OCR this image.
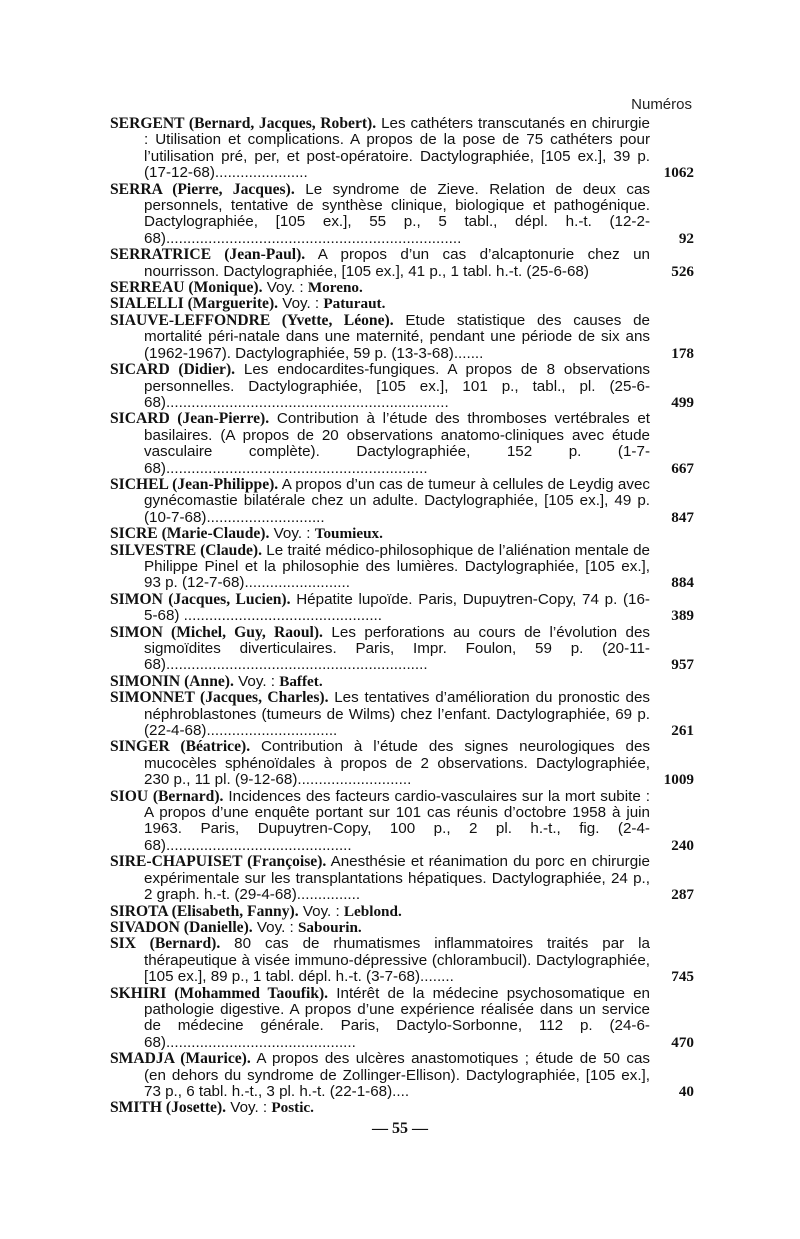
Numéros
SERGENT (Bernard, Jacques, Robert). Les cathéters transcutanés en chirurgie : Utilisation et complications. A propos de la pose de 75 cathéters pour l’utilisation pré, per, et post-opératoire. Dactylographiée, [105 ex.], 39 p. (17-12-68)......................	1062
SERRA (Pierre, Jacques). Le syndrome de Zieve. Relation de deux cas personnels, tentative de synthèse clinique, biologique et pathogénique. Dactylographiée, [105 ex.], 55 p., 5 tabl., dépl. h.-t. (12-2-68)......................................................................	92
SERRATRICE (Jean-Paul). A propos d’un cas d’alcaptonurie chez un nourrisson. Dactylographiée, [105 ex.], 41 p., 1 tabl. h.-t. (25-6-68)	526
SERREAU (Monique). Voy. : Moreno.
SIALELLI (Marguerite). Voy. : Paturaut.
SIAUVE-LEFFONDRE (Yvette, Léone). Etude statistique des causes de mortalité péri-natale dans une maternité, pendant une période de six ans (1962-1967). Dactylographiée, 59 p. (13-3-68).......	178
SICARD (Didier). Les endocardites-fungiques. A propos de 8 observations personnelles. Dactylographiée, [105 ex.], 101 p., tabl., pl. (25-6-68)...................................................................	499
SICARD (Jean-Pierre). Contribution à l’étude des thromboses vertébrales et basilaires. (A propos de 20 observations anatomo-cliniques avec étude vasculaire complète). Dactylographiée, 152 p. (1-7-68)..............................................................	667
SICHEL (Jean-Philippe). A propos d’un cas de tumeur à cellules de Leydig avec gynécomastie bilatérale chez un adulte. Dactylographiée, [105 ex.], 49 p. (10-7-68)............................	847
SICRE (Marie-Claude). Voy. : Toumieux.
SILVESTRE (Claude). Le traité médico-philosophique de l’aliénation mentale de Philippe Pinel et la philosophie des lumières. Dactylographiée, [105 ex.], 93 p. (12-7-68).........................	884
SIMON (Jacques, Lucien). Hépatite lupoïde. Paris, Dupuytren-Copy, 74 p. (16-5-68) ...............................................	389
SIMON (Michel, Guy, Raoul). Les perforations au cours de l’évolution des sigmoïdites diverticulaires. Paris, Impr. Foulon, 59 p. (20-11-68)..............................................................	957
SIMONIN (Anne). Voy. : Baffet.
SIMONNET (Jacques, Charles). Les tentatives d’amélioration du pronostic des néphroblastones (tumeurs de Wilms) chez l’enfant. Dactylographiée, 69 p. (22-4-68)...............................	261
SINGER (Béatrice). Contribution à l’étude des signes neurologiques des mucocèles sphénoïdales à propos de 2 observations. Dactylographiée, 230 p., 11 pl. (9-12-68)...........................	1009
SIOU (Bernard). Incidences des facteurs cardio-vasculaires sur la mort subite : A propos d’une enquête portant sur 101 cas réunis d’octobre 1958 à juin 1963. Paris, Dupuytren-Copy, 100 p., 2 pl. h.-t., fig. (2-4-68)............................................	240
SIRE-CHAPUISET (Françoise). Anesthésie et réanimation du porc en chirurgie expérimentale sur les transplantations hépatiques. Dactylographiée, 24 p., 2 graph. h.-t. (29-4-68)...............	287
SIROTA (Elisabeth, Fanny). Voy. : Leblond.
SIVADON (Danielle). Voy. : Sabourin.
SIX (Bernard). 80 cas de rhumatismes inflammatoires traités par la thérapeutique à visée immuno-dépressive (chlorambucil). Dactylographiée, [105 ex.], 89 p., 1 tabl. dépl. h.-t. (3-7-68)........	745
SKHIRI (Mohammed Taoufik). Intérêt de la médecine psychosomatique en pathologie digestive. A propos d’une expérience réalisée dans un service de médecine générale. Paris, Dactylo-Sorbonne, 112 p. (24-6-68).............................................	470
SMADJA (Maurice). A propos des ulcères anastomotiques ; étude de 50 cas (en dehors du syndrome de Zollinger-Ellison). Dactylographiée, [105 ex.], 73 p., 6 tabl. h.-t., 3 pl. h.-t. (22-1-68)....	40
SMITH (Josette). Voy. : Postic.
— 55 —
